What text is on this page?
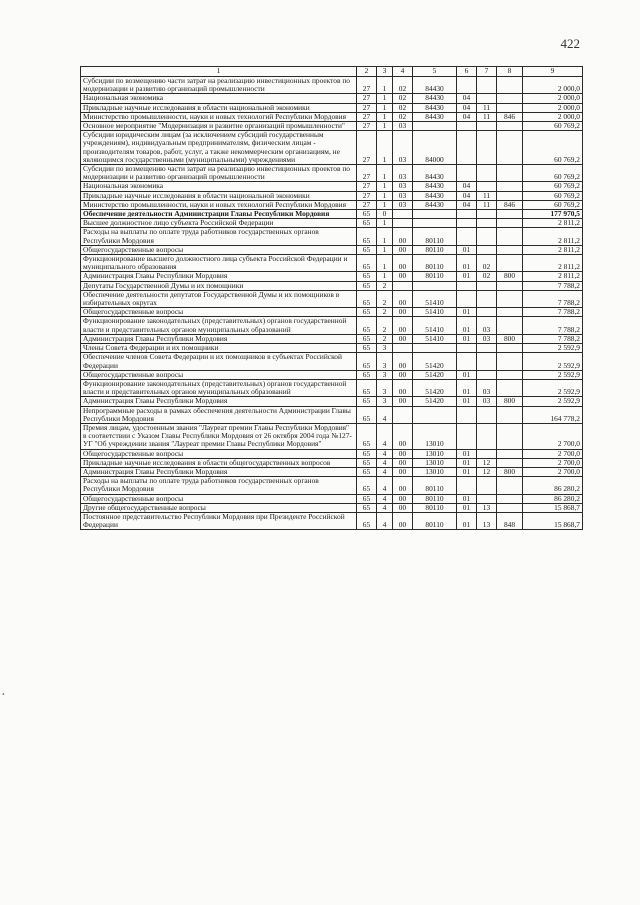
422
1	2	3	4	5	6	7	8	9
Субсидии по возмещению части затрат на реализацию инвестиционных проектов по модернизации и развитию организаций промышленности	27	1	02	84430				2 000,0
Национальная экономика	27	1	02	84430	04			2 000,0
Прикладные научные исследования в области национальной экономики	27	1	02	84430	04	11		2 000,0
Министерство промышленности, науки и новых технологий Республики Мордовия	27	1	02	84430	04	11	846	2 000,0
Основное мероприятие "Модернизация и развитие организаций промышленности"	27	1	03					60 769,2
Субсидии юридическим лицам (за исключением субсидий государственным учреждениям), индивидуальным предпринимателям, физическим лицам - производителям товаров, работ, услуг, а также некоммерческим организациям, не являющимся государственными (муниципальными) учреждениями	27	1	03	84000				60 769,2
Субсидии по возмещению части затрат на реализацию инвестиционных проектов по модернизации и развитию организаций промышленности	27	1	03	84430				60 769,2
Национальная экономика	27	1	03	84430	04			60 769,2
Прикладные научные исследования в области национальной экономики	27	1	03	84430	04	11		60 769,2
Министерство промышленности, науки и новых технологий Республики Мордовия	27	1	03	84430	04	11	846	60 769,2
Обеспечение деятельности Администрации Главы Республики Мордовия	65	0						177 970,5
Высшее должностное лицо субъекта Российской Федерации	65	1						2 811,2
Расходы на выплаты по оплате труда работников государственных органов Республики Мордовия	65	1	00	80110				2 811,2
Общегосударственные вопросы	65	1	00	80110	01			2 811,2
Функционирование высшего должностного лица субъекта Российской Федерации и муниципального образования	65	1	00	80110	01	02		2 811,2
Администрация Главы Республики Мордовия	65	1	00	80110	01	02	800	2 811,2
Депутаты Государственной Думы и их помощники	65	2						7 788,2
Обеспечение деятельности депутатов Государственной Думы и их помощников в избирательных округах	65	2	00	51410				7 788,2
Общегосударственные вопросы	65	2	00	51410	01			7 788,2
Функционирование законодательных (представительных) органов государственной власти и представительных органов муниципальных образований	65	2	00	51410	01	03		7 788,2
Администрация Главы Республики Мордовия	65	2	00	51410	01	03	800	7 788,2
Члены Совета Федерации и их помощники	65	3						2 592,9
Обеспечение членов Совета Федерации и их помощников в субъектах Российской Федерации	65	3	00	51420				2 592,9
Общегосударственные вопросы	65	3	00	51420	01			2 592,9
Функционирование законодательных (представительных) органов государственной власти и представительных органов муниципальных образований	65	3	00	51420	01	03		2 592,9
Администрация Главы Республики Мордовия	65	3	00	51420	01	03	800	2 592,9
Непрограммные расходы в рамках обеспечения деятельности Администрации Главы Республики Мордовия	65	4						164 778,2
Премия лицам, удостоенным звания "Лауреат премии Главы Республики Мордовия" в соответствии с Указом Главы Республики Мордовия от 26 октября 2004 года №127-УГ "Об учреждении звания "Лауреат премии Главы Республики Мордовия"	65	4	00	13010				2 700,0
Общегосударственные вопросы	65	4	00	13010	01			2 700,0
Прикладные научные исследования в области общегосударственных вопросов	65	4	00	13010	01	12		2 700,0
Администрация Главы Республики Мордовия	65	4	00	13010	01	12	800	2 700,0
Расходы на выплаты по оплате труда работников государственных органов Республики Мордовия	65	4	00	80110				86 280,2
Общегосударственные вопросы	65	4	00	80110	01			86 280,2
Другие общегосударственные вопросы	65	4	00	80110	01	13		15 868,7
Постоянное представительство Республики Мордовия при Президенте Российской Федерации	65	4	00	80110	01	13	848	15 868,7
•
